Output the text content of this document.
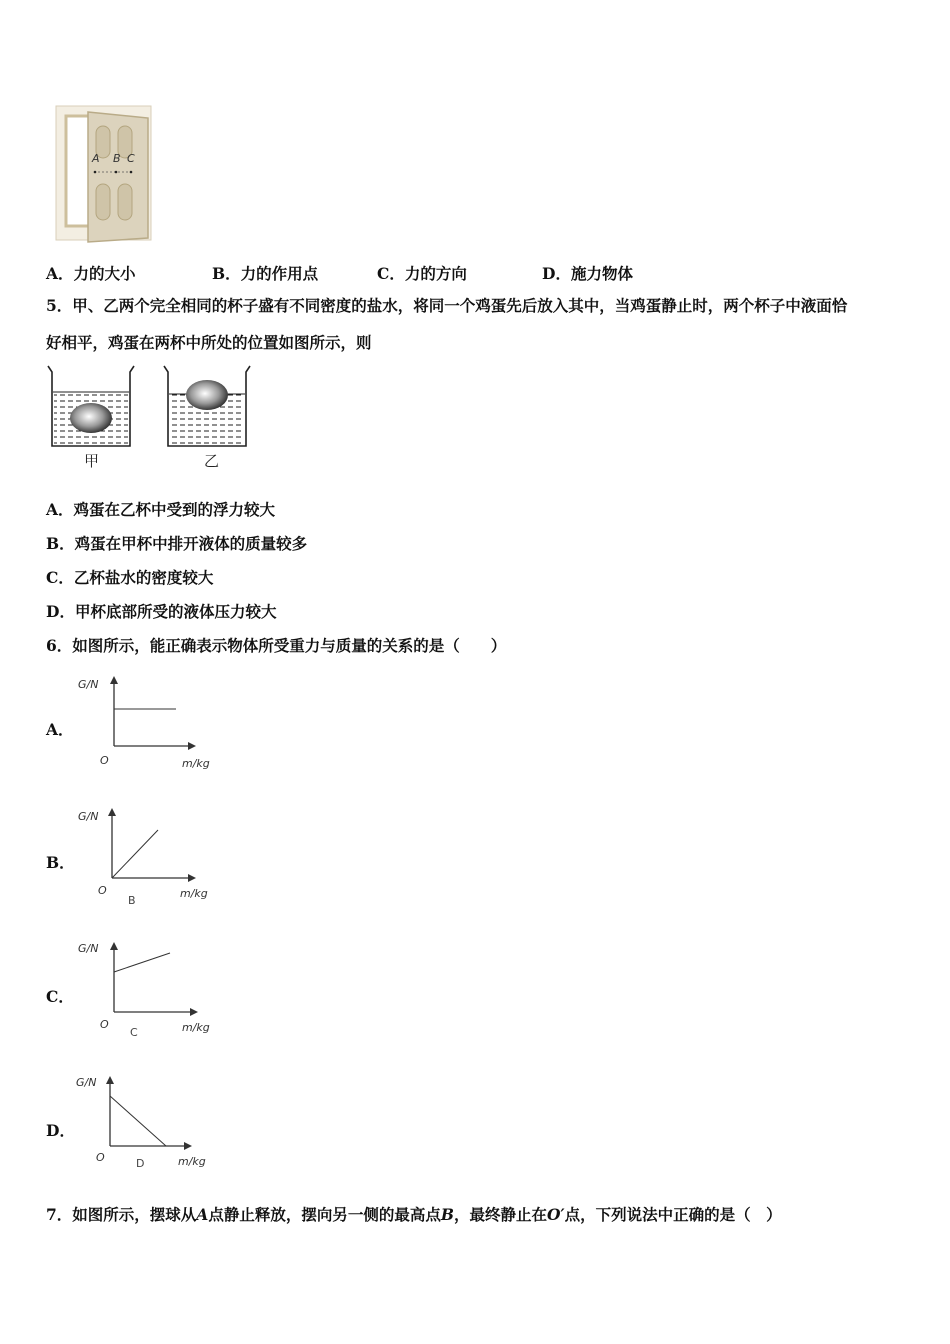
A B C
A．力的大小	B．力的作用点	C．力的方向	D．施力物体
5．甲、乙两个完全相同的杯子盛有不同密度的盐水，将同一个鸡蛋先后放入其中，当鸡蛋静止时，两个杯子中液面恰
好相平，鸡蛋在两杯中所处的位置如图所示，则
甲	乙
A．鸡蛋在乙杯中受到的浮力较大
B．鸡蛋在甲杯中排开液体的质量较多
C．乙杯盐水的密度较大
D．甲杯底部所受的液体压力较大
6．如图所示，能正确表示物体所受重力与质量的关系的是（　　）
A．
G/N
O	m/kg
B．
G/N
O
B
m/kg
C．
G/N
O
C	m/kg
D．
G/N
O	D	m/kg
7．如图所示，摆球从A点静止释放，摆向另一侧的最高点B，最终静止在O′点，下列说法中正确的是（　）
